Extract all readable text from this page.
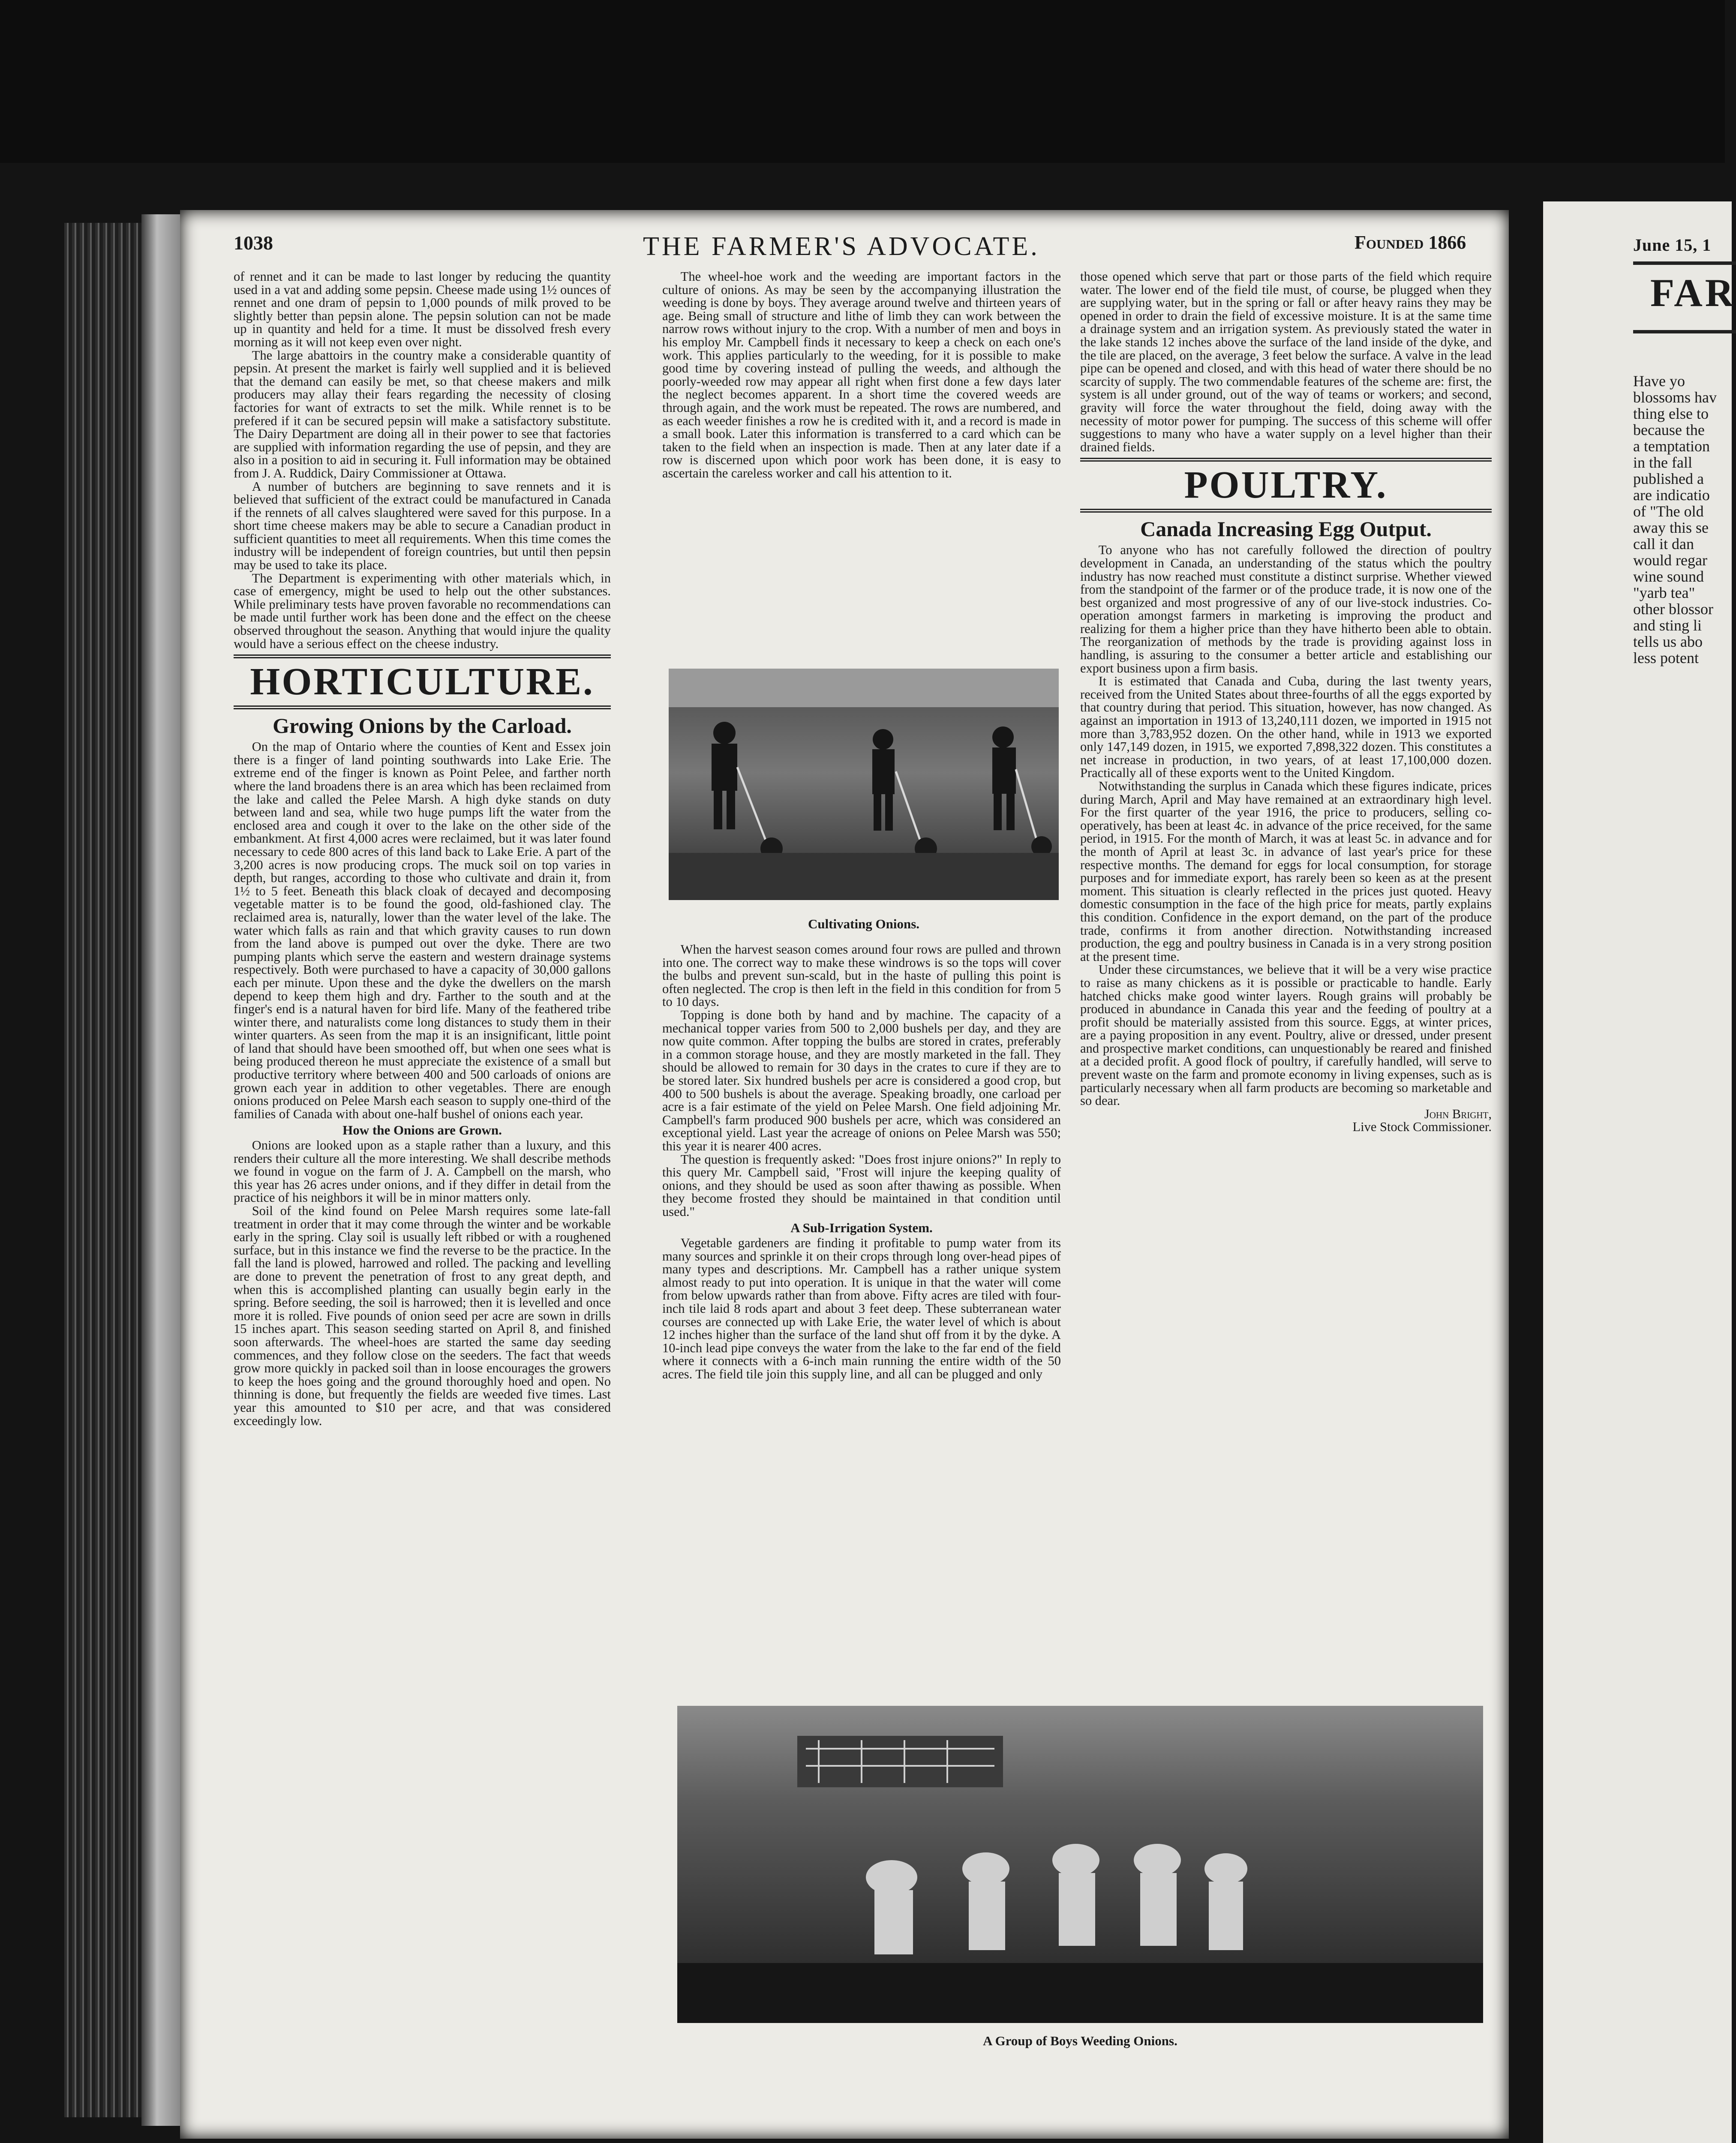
June 15, 1
FAR
Have yo
blossoms hav
thing else to
because the
a temptation
in the fall
published a
are indicatio
of "The old
away this se
call it dan
would regar
wine sound
"yarb tea"
other blossor
and sting li
tells us abo
less potent
1038	THE FARMER'S ADVOCATE.	Founded 1866

of rennet and it can be made to last longer by reducing the quantity used in a vat and adding some pepsin. Cheese made using 1½ ounces of rennet and one dram of pepsin to 1,000 pounds of milk proved to be slightly better than pepsin alone. The pepsin solution can not be made up in quantity and held for a time. It must be dissolved fresh every morning as it will not keep even over night.

The large abattoirs in the country make a considerable quantity of pepsin. At present the market is fairly well supplied and it is believed that the demand can easily be met, so that cheese makers and milk producers may allay their fears regarding the necessity of closing factories for want of extracts to set the milk. While rennet is to be prefered if it can be secured pepsin will make a satisfactory substitute. The Dairy Department are doing all in their power to see that factories are supplied with information regarding the use of pepsin, and they are also in a position to aid in securing it. Full information may be obtained from J. A. Ruddick, Dairy Commissioner at Ottawa.

A number of butchers are beginning to save rennets and it is believed that sufficient of the extract could be manufactured in Canada if the rennets of all calves slaughtered were saved for this purpose. In a short time cheese makers may be able to secure a Canadian product in sufficient quantities to meet all requirements. When this time comes the industry will be independent of foreign countries, but until then pepsin may be used to take its place.

The Department is experimenting with other materials which, in case of emergency, might be used to help out the other substances. While preliminary tests have proven favorable no recommendations can be made until further work has been done and the effect on the cheese observed throughout the season. Anything that would injure the quality would have a serious effect on the cheese industry.

HORTICULTURE.
Growing Onions by the Carload.

On the map of Ontario where the counties of Kent and Essex join there is a finger of land pointing southwards into Lake Erie. The extreme end of the finger is known as Point Pelee, and farther north where the land broadens there is an area which has been reclaimed from the lake and called the Pelee Marsh. A high dyke stands on duty between land and sea, while two huge pumps lift the water from the enclosed area and cough it over to the lake on the other side of the embankment. At first 4,000 acres were reclaimed, but it was later found necessary to cede 800 acres of this land back to Lake Erie. A part of the 3,200 acres is now producing crops. The muck soil on top varies in depth, but ranges, according to those who cultivate and drain it, from 1½ to 5 feet. Beneath this black cloak of decayed and decomposing vegetable matter is to be found the good, old-fashioned clay. The reclaimed area is, naturally, lower than the water level of the lake. The water which falls as rain and that which gravity causes to run down from the land above is pumped out over the dyke. There are two pumping plants which serve the eastern and western drainage systems respectively. Both were purchased to have a capacity of 30,000 gallons each per minute. Upon these and the dyke the dwellers on the marsh depend to keep them high and dry. Farther to the south and at the finger's end is a natural haven for bird life. Many of the feathered tribe winter there, and naturalists come long distances to study them in their winter quarters. As seen from the map it is an insignificant, little point of land that should have been smoothed off, but when one sees what is being produced thereon he must appreciate the existence of a small but productive territory where between 400 and 500 carloads of onions are grown each year in addition to other vegetables. There are enough onions produced on Pelee Marsh each season to supply one-third of the families of Canada with about one-half bushel of onions each year.

How the Onions are Grown.

Onions are looked upon as a staple rather than a luxury, and this renders their culture all the more interesting. We shall describe methods we found in vogue on the farm of J. A. Campbell on the marsh, who this year has 26 acres under onions, and if they differ in detail from the practice of his neighbors it will be in minor matters only.

Soil of the kind found on Pelee Marsh requires some late-fall treatment in order that it may come through the winter and be workable early in the spring. Clay soil is usually left ribbed or with a roughened surface, but in this instance we find the reverse to be the practice. In the fall the land is plowed, harrowed and rolled. The packing and levelling are done to prevent the penetration of frost to any great depth, and when this is accomplished planting can usually begin early in the spring. Before seeding, the soil is harrowed; then it is levelled and once more it is rolled. Five pounds of onion seed per acre are sown in drills 15 inches apart. This season seeding started on April 8, and finished soon afterwards. The wheel-hoes are started the same day seeding commences, and they follow close on the seeders. The fact that weeds grow more quickly in packed soil than in loose encourages the growers to keep the hoes going and the ground thoroughly hoed and open. No thinning is done, but frequently the fields are weeded five times. Last year this amounted to $10 per acre, and that was considered exceedingly low.

The wheel-hoe work and the weeding are important factors in the culture of onions. As may be seen by the accompanying illustration the weeding is done by boys. They average around twelve and thirteen years of age. Being small of structure and lithe of limb they can work between the narrow rows without injury to the crop. With a number of men and boys in his employ Mr. Campbell finds it necessary to keep a check on each one's work. This applies particularly to the weeding, for it is possible to make good time by covering instead of pulling the weeds, and although the poorly-weeded row may appear all right when first done a few days later the neglect becomes apparent. In a short time the covered weeds are through again, and the work must be repeated. The rows are numbered, and as each weeder finishes a row he is credited with it, and a record is made in a small book. Later this information is transferred to a card which can be taken to the field when an inspection is made. Then at any later date if a row is discerned upon which poor work has been done, it is easy to ascertain the careless worker and call his attention to it.

Cultivating Onions.

When the harvest season comes around four rows are pulled and thrown into one. The correct way to make these windrows is so the tops will cover the bulbs and prevent sun-scald, but in the haste of pulling this point is often neglected. The crop is then left in the field in this condition for from 5 to 10 days.

Topping is done both by hand and by machine. The capacity of a mechanical topper varies from 500 to 2,000 bushels per day, and they are now quite common. After topping the bulbs are stored in crates, preferably in a common storage house, and they are mostly marketed in the fall. They should be allowed to remain for 30 days in the crates to cure if they are to be stored later. Six hundred bushels per acre is considered a good crop, but 400 to 500 bushels is about the average. Speaking broadly, one carload per acre is a fair estimate of the yield on Pelee Marsh. One field adjoining Mr. Campbell's farm produced 900 bushels per acre, which was considered an exceptional yield. Last year the acreage of onions on Pelee Marsh was 550; this year it is nearer 400 acres.

The question is frequently asked: "Does frost injure onions?" In reply to this query Mr. Campbell said, "Frost will injure the keeping quality of onions, and they should be used as soon after thawing as possible. When they become frosted they should be maintained in that condition until used."

A Sub-Irrigation System.

Vegetable gardeners are finding it profitable to pump water from its many sources and sprinkle it on their crops through long over-head pipes of many types and descriptions. Mr. Campbell has a rather unique system almost ready to put into operation. It is unique in that the water will come from below upwards rather than from above. Fifty acres are tiled with four-inch tile laid 8 rods apart and about 3 feet deep. These subterranean water courses are connected up with Lake Erie, the water level of which is about 12 inches higher than the surface of the land shut off from it by the dyke. A 10-inch lead pipe conveys the water from the lake to the far end of the field where it connects with a 6-inch main running the entire width of the 50 acres. The field tile join this supply line, and all can be plugged and only

those opened which serve that part or those parts of the field which require water. The lower end of the field tile must, of course, be plugged when they are supplying water, but in the spring or fall or after heavy rains they may be opened in order to drain the field of excessive moisture. It is at the same time a drainage system and an irrigation system. As previously stated the water in the lake stands 12 inches above the surface of the land inside of the dyke, and the tile are placed, on the average, 3 feet below the surface. A valve in the lead pipe can be opened and closed, and with this head of water there should be no scarcity of supply. The two commendable features of the scheme are: first, the system is all under ground, out of the way of teams or workers; and second, gravity will force the water throughout the field, doing away with the necessity of motor power for pumping. The success of this scheme will offer suggestions to many who have a water supply on a level higher than their drained fields.

POULTRY.
Canada Increasing Egg Output.

To anyone who has not carefully followed the direction of poultry development in Canada, an understanding of the status which the poultry industry has now reached must constitute a distinct surprise. Whether viewed from the standpoint of the farmer or of the produce trade, it is now one of the best organized and most progressive of any of our live-stock industries. Co-operation amongst farmers in marketing is improving the product and realizing for them a higher price than they have hitherto been able to obtain. The reorganization of methods by the trade is providing against loss in handling, is assuring to the consumer a better article and establishing our export business upon a firm basis.

It is estimated that Canada and Cuba, during the last twenty years, received from the United States about three-fourths of all the eggs exported by that country during that period. This situation, however, has now changed. As against an importation in 1913 of 13,240,111 dozen, we imported in 1915 not more than 3,783,952 dozen. On the other hand, while in 1913 we exported only 147,149 dozen, in 1915, we exported 7,898,322 dozen. This constitutes a net increase in production, in two years, of at least 17,100,000 dozen. Practically all of these exports went to the United Kingdom.

Notwithstanding the surplus in Canada which these figures indicate, prices during March, April and May have remained at an extraordinary high level. For the first quarter of the year 1916, the price to producers, selling co-operatively, has been at least 4c. in advance of the price received, for the same period, in 1915. For the month of March, it was at least 5c. in advance and for the month of April at least 3c. in advance of last year's price for these respective months. The demand for eggs for local consumption, for storage purposes and for immediate export, has rarely been so keen as at the present moment. This situation is clearly reflected in the prices just quoted. Heavy domestic consumption in the face of the high price for meats, partly explains this condition. Confidence in the export demand, on the part of the produce trade, confirms it from another direction. Notwithstanding increased production, the egg and poultry business in Canada is in a very strong position at the present time.

Under these circumstances, we believe that it will be a very wise practice to raise as many chickens as it is possible or practicable to handle. Early hatched chicks make good winter layers. Rough grains will probably be produced in abundance in Canada this year and the feeding of poultry at a profit should be materially assisted from this source. Eggs, at winter prices, are a paying proposition in any event. Poultry, alive or dressed, under present and prospective market conditions, can unquestionably be reared and finished at a decided profit. A good flock of poultry, if carefully handled, will serve to prevent waste on the farm and promote economy in living expenses, such as is particularly necessary when all farm products are becoming so marketable and so dear.

John Bright,
Live Stock Commissioner.
A Group of Boys Weeding Onions.
